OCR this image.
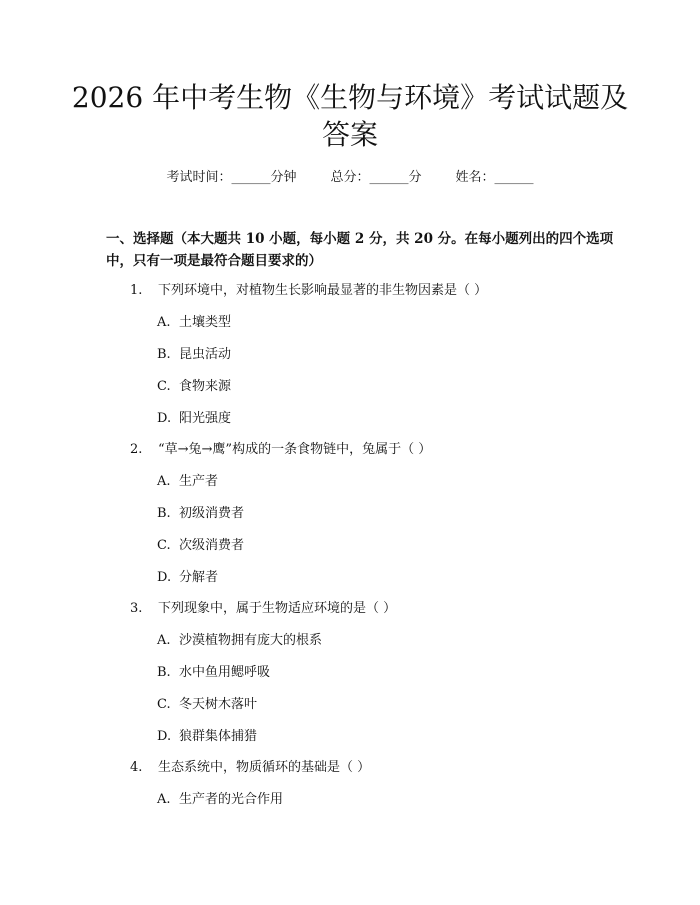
2026 年中考生物《生物与环境》考试试题及
答案
考试时间：______分钟	总分：______分	姓名：______
一、选择题（本大题共 10 小题，每小题 2 分，共 20 分。在每小题列出的四个选项中，只有一项是最符合题目要求的）
1. 下列环境中，对植物生长影响最显著的非生物因素是（ ）
A. 土壤类型
B. 昆虫活动
C. 食物来源
D. 阳光强度
2. “草→兔→鹰”构成的一条食物链中，兔属于（ ）
A. 生产者
B. 初级消费者
C. 次级消费者
D. 分解者
3. 下列现象中，属于生物适应环境的是（ ）
A. 沙漠植物拥有庞大的根系
B. 水中鱼用鳃呼吸
C. 冬天树木落叶
D. 狼群集体捕猎
4. 生态系统中，物质循环的基础是（ ）
A. 生产者的光合作用
